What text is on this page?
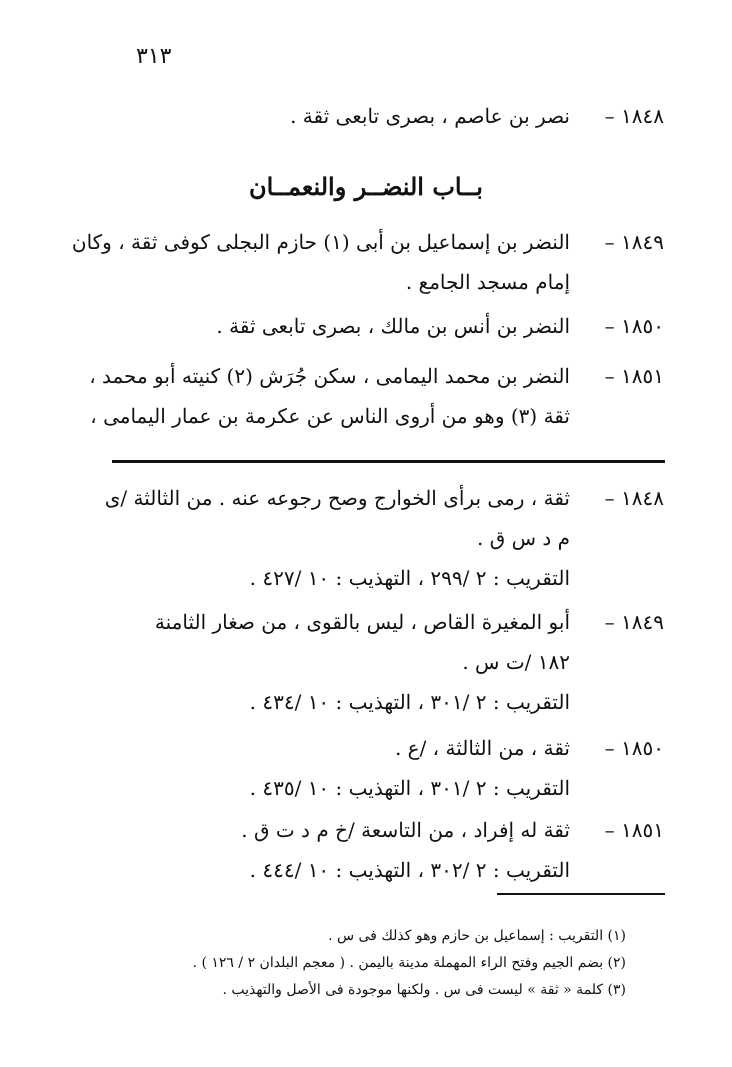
٣١٣
١٨٤٨ –
نصر بن عاصم ، بصرى تابعى ثقة .
بــاب النضــر والنعمــان
١٨٤٩ –
النضر بن إسماعيل بن أبى (١) حازم البجلى كوفى ثقة ، وكان
إمام مسجد الجامع .
١٨٥٠ –
النضر بن أنس بن مالك ، بصرى تابعى ثقة .
١٨٥١ –
النضر بن محمد اليمامى ، سكن جُرَش (٢) كنيته أبو محمد ،
ثقة (٣) وهو من أروى الناس عن عكرمة بن عمار اليمامى ،
١٨٤٨ –
ثقة ، رمى برأى الخوارج وصح رجوعه عنه . من الثالثة /ى
م د س ق .
التقريب : ٢ /٢٩٩ ، التهذيب : ١٠ /٤٢٧ .
١٨٤٩ –
أبو المغيرة القاص ، ليس بالقوى ، من صغار الثامنة
١٨٢ /ت س .
التقريب : ٢ /٣٠١ ، التهذيب : ١٠ /٤٣٤ .
١٨٥٠ –
ثقة ، من الثالثة ، /ع .
التقريب : ٢ /٣٠١ ، التهذيب : ١٠ /٤٣٥ .
١٨٥١ –
ثقة له إفراد ، من التاسعة /خ م د ت ق .
التقريب : ٢ /٣٠٢ ، التهذيب : ١٠ /٤٤٤ .
(١) التقريب : إسماعيل بن حازم وهو كذلك فى س .
(٢) بضم الجيم وفتح الراء المهملة مدينة باليمن . ( معجم البلدان ٢ / ١٢٦ ) .
(٣) كلمة « ثقة » ليست فى س . ولكنها موجودة فى الأصل والتهذيب .
